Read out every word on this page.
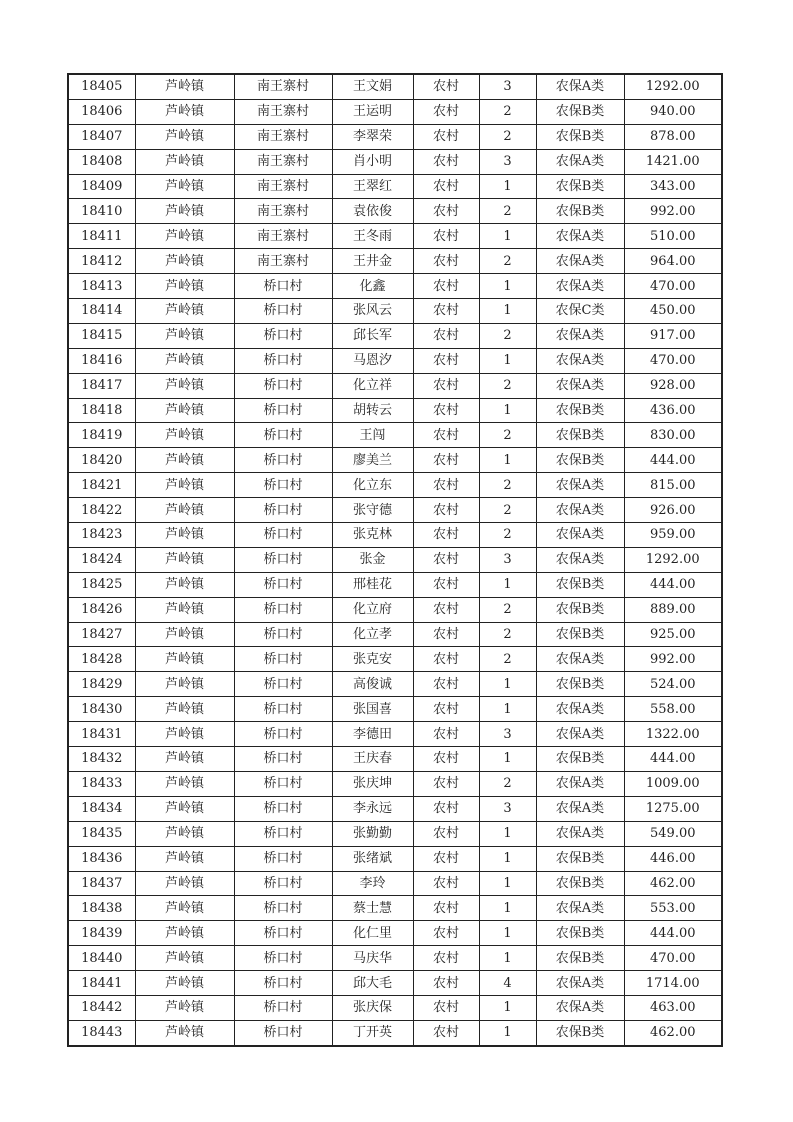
18405	芦岭镇	南王寨村	王文娟	农村	3	农保A类	1292.00
18406	芦岭镇	南王寨村	王运明	农村	2	农保B类	940.00
18407	芦岭镇	南王寨村	李翠荣	农村	2	农保B类	878.00
18408	芦岭镇	南王寨村	肖小明	农村	3	农保A类	1421.00
18409	芦岭镇	南王寨村	王翠红	农村	1	农保B类	343.00
18410	芦岭镇	南王寨村	袁依俊	农村	2	农保B类	992.00
18411	芦岭镇	南王寨村	王冬雨	农村	1	农保A类	510.00
18412	芦岭镇	南王寨村	王井金	农村	2	农保A类	964.00
18413	芦岭镇	桥口村	化鑫	农村	1	农保A类	470.00
18414	芦岭镇	桥口村	张风云	农村	1	农保C类	450.00
18415	芦岭镇	桥口村	邱长军	农村	2	农保A类	917.00
18416	芦岭镇	桥口村	马恩汐	农村	1	农保A类	470.00
18417	芦岭镇	桥口村	化立祥	农村	2	农保A类	928.00
18418	芦岭镇	桥口村	胡转云	农村	1	农保B类	436.00
18419	芦岭镇	桥口村	王闯	农村	2	农保B类	830.00
18420	芦岭镇	桥口村	廖美兰	农村	1	农保B类	444.00
18421	芦岭镇	桥口村	化立东	农村	2	农保A类	815.00
18422	芦岭镇	桥口村	张守德	农村	2	农保A类	926.00
18423	芦岭镇	桥口村	张克林	农村	2	农保A类	959.00
18424	芦岭镇	桥口村	张金	农村	3	农保A类	1292.00
18425	芦岭镇	桥口村	邢桂花	农村	1	农保B类	444.00
18426	芦岭镇	桥口村	化立府	农村	2	农保B类	889.00
18427	芦岭镇	桥口村	化立孝	农村	2	农保B类	925.00
18428	芦岭镇	桥口村	张克安	农村	2	农保A类	992.00
18429	芦岭镇	桥口村	高俊诚	农村	1	农保B类	524.00
18430	芦岭镇	桥口村	张国喜	农村	1	农保A类	558.00
18431	芦岭镇	桥口村	李德田	农村	3	农保A类	1322.00
18432	芦岭镇	桥口村	王庆春	农村	1	农保B类	444.00
18433	芦岭镇	桥口村	张庆坤	农村	2	农保A类	1009.00
18434	芦岭镇	桥口村	李永远	农村	3	农保A类	1275.00
18435	芦岭镇	桥口村	张勤勤	农村	1	农保A类	549.00
18436	芦岭镇	桥口村	张绪斌	农村	1	农保B类	446.00
18437	芦岭镇	桥口村	李玲	农村	1	农保B类	462.00
18438	芦岭镇	桥口村	蔡士慧	农村	1	农保A类	553.00
18439	芦岭镇	桥口村	化仁里	农村	1	农保B类	444.00
18440	芦岭镇	桥口村	马庆华	农村	1	农保B类	470.00
18441	芦岭镇	桥口村	邱大毛	农村	4	农保A类	1714.00
18442	芦岭镇	桥口村	张庆保	农村	1	农保A类	463.00
18443	芦岭镇	桥口村	丁开英	农村	1	农保B类	462.00
